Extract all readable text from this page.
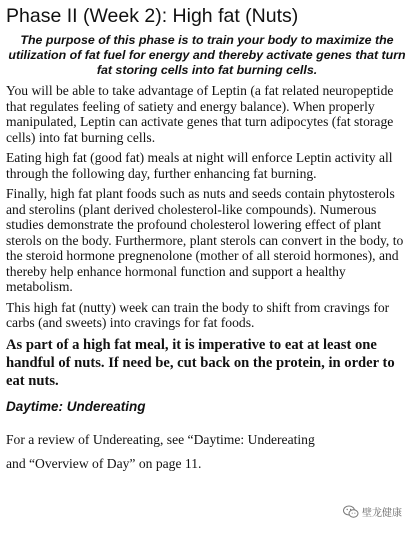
Phase II (Week 2): High fat (Nuts)

The purpose of this phase is to train your body to maximize the utilization of fat fuel for energy and thereby activate genes that turn fat storing cells into fat burning cells.

You will be able to take advantage of Leptin (a fat related neuropeptide that regulates feeling of satiety and energy balance). When properly manipulated, Leptin can activate genes that turn adipocytes (fat storage cells) into fat burning cells.

Eating high fat (good fat) meals at night will enforce Leptin activity all through the following day, further enhancing fat burning.

Finally, high fat plant foods such as nuts and seeds contain phytosterols and sterolins (plant derived cholesterol-like compounds). Numerous studies demonstrate the profound cholesterol lowering effect of plant sterols on the body. Furthermore, plant sterols can convert in the body, to the steroid hormone pregnenolone (mother of all steroid hormones), and thereby help enhance hormonal function and support a healthy metabolism.

This high fat (nutty) week can train the body to shift from cravings for carbs (and sweets) into cravings for fat foods.

As part of a high fat meal, it is imperative to eat at least one handful of nuts. If need be, cut back on the protein, in order to eat nuts.

Daytime: Undereating

For a review of Undereating, see “Daytime: Undereating

and “Overview of Day” on page 11.

壁龙健康
